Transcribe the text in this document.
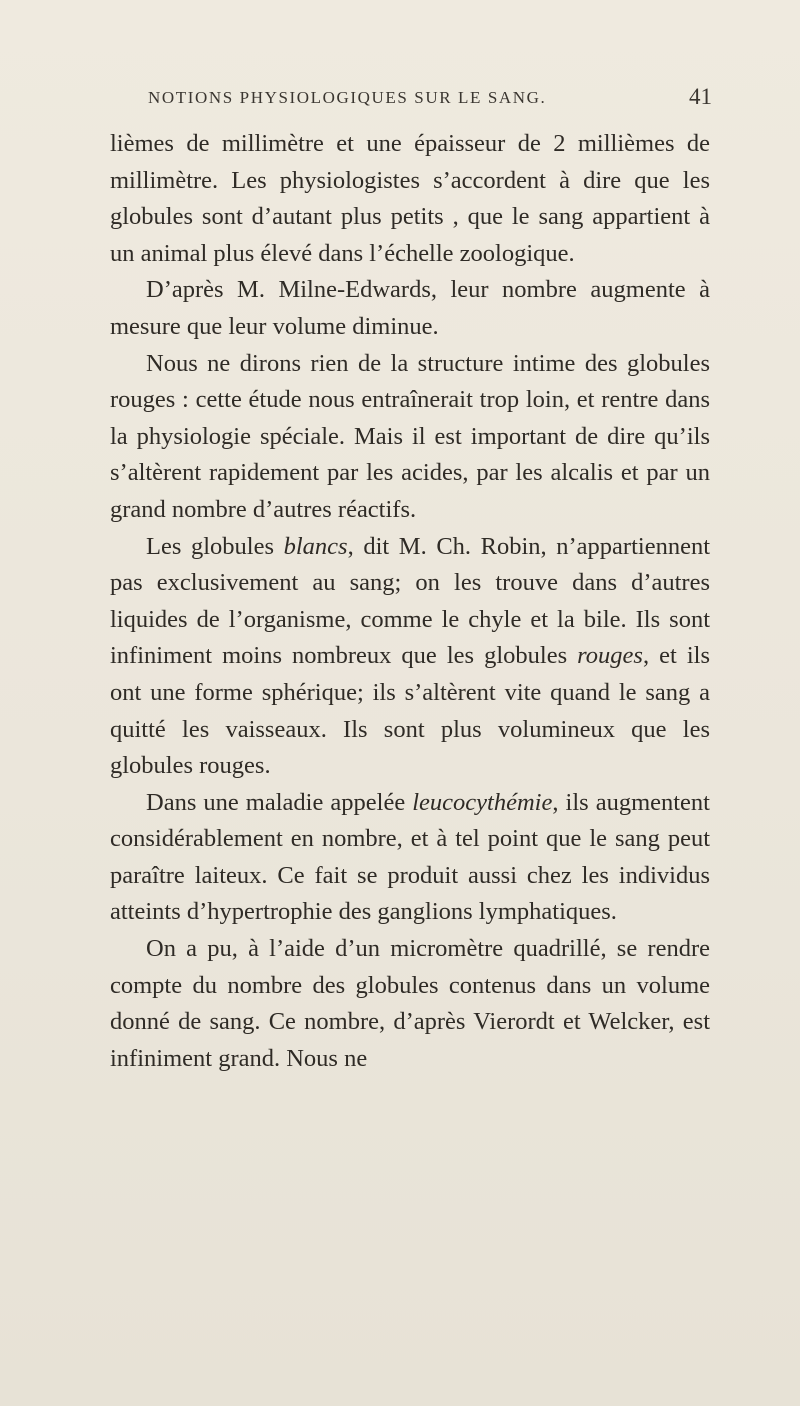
NOTIONS PHYSIOLOGIQUES SUR LE SANG.	41

lièmes de millimètre et une épaisseur de 2 millièmes de millimètre. Les physiologistes s’accordent à dire que les globules sont d’autant plus petits , que le sang appartient à un animal plus élevé dans l’échelle zoologique.

D’après M. Milne-Edwards, leur nombre augmente à mesure que leur volume diminue.

Nous ne dirons rien de la structure intime des globules rouges : cette étude nous entraînerait trop loin, et rentre dans la physiologie spéciale. Mais il est important de dire qu’ils s’altèrent rapidement par les acides, par les alcalis et par un grand nombre d’autres réactifs.

Les globules blancs, dit M. Ch. Robin, n’appartiennent pas exclusivement au sang; on les trouve dans d’autres liquides de l’organisme, comme le chyle et la bile. Ils sont infiniment moins nombreux que les globules rouges, et ils ont une forme sphérique; ils s’altèrent vite quand le sang a quitté les vaisseaux. Ils sont plus volumineux que les globules rouges.

Dans une maladie appelée leucocythémie, ils augmentent considérablement en nombre, et à tel point que le sang peut paraître laiteux. Ce fait se produit aussi chez les individus atteints d’hypertrophie des ganglions lymphatiques.

On a pu, à l’aide d’un micromètre quadrillé, se rendre compte du nombre des globules contenus dans un volume donné de sang. Ce nombre, d’après Vierordt et Welcker, est infiniment grand. Nous ne
